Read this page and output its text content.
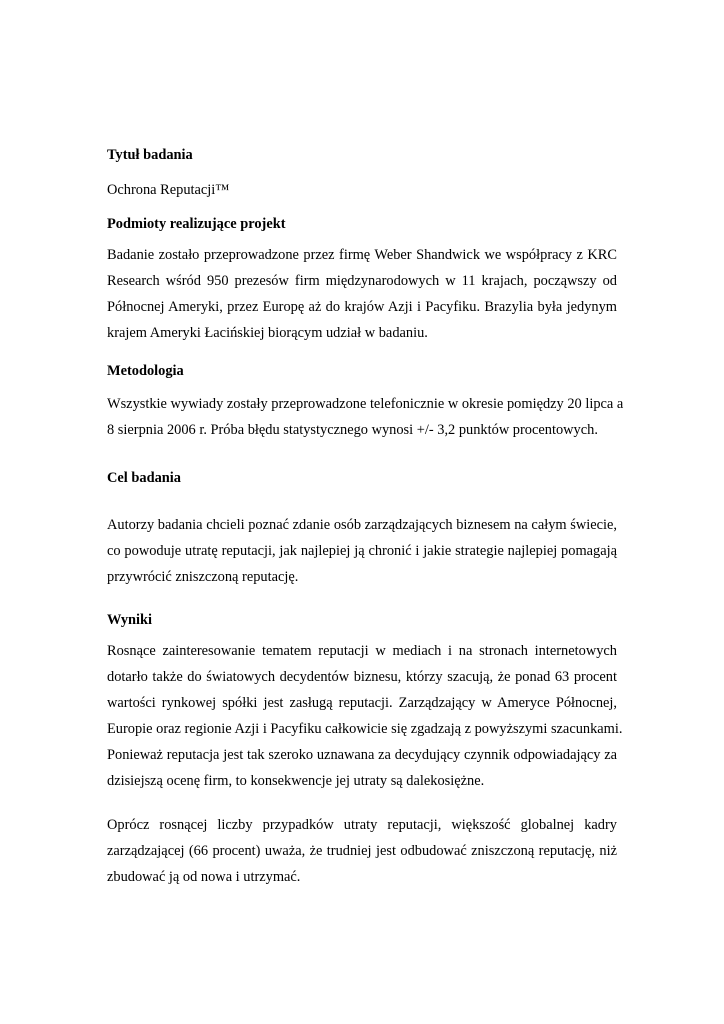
Tytuł badania
Ochrona Reputacji™
Podmioty realizujące projekt
Badanie zostało przeprowadzone przez firmę Weber Shandwick we współpracy z KRC
Research wśród 950 prezesów firm międzynarodowych w 11 krajach, począwszy od
Północnej Ameryki, przez Europę aż do krajów Azji i Pacyfiku. Brazylia była jedynym
krajem Ameryki Łacińskiej biorącym udział w badaniu.
Metodologia
Wszystkie wywiady zostały przeprowadzone telefonicznie w okresie pomiędzy 20 lipca a
8 sierpnia 2006 r. Próba błędu statystycznego wynosi +/- 3,2 punktów procentowych.
Cel badania
Autorzy badania chcieli poznać zdanie osób zarządzających biznesem na całym świecie,
co powoduje utratę reputacji, jak najlepiej ją chronić i jakie strategie najlepiej pomagają
przywrócić zniszczoną reputację.
Wyniki
Rosnące zainteresowanie tematem reputacji w mediach i na stronach internetowych
dotarło także do światowych decydentów biznesu, którzy szacują, że ponad 63 procent
wartości rynkowej spółki jest zasługą reputacji. Zarządzający w Ameryce Północnej,
Europie oraz regionie Azji i Pacyfiku całkowicie się zgadzają z powyższymi szacunkami.
Ponieważ reputacja jest tak szeroko uznawana za decydujący czynnik odpowiadający za
dzisiejszą ocenę firm, to konsekwencje jej utraty są dalekosiężne.
Oprócz rosnącej liczby przypadków utraty reputacji, większość globalnej kadry
zarządzającej (66 procent) uważa, że trudniej jest odbudować zniszczoną reputację, niż
zbudować ją od nowa i utrzymać.
